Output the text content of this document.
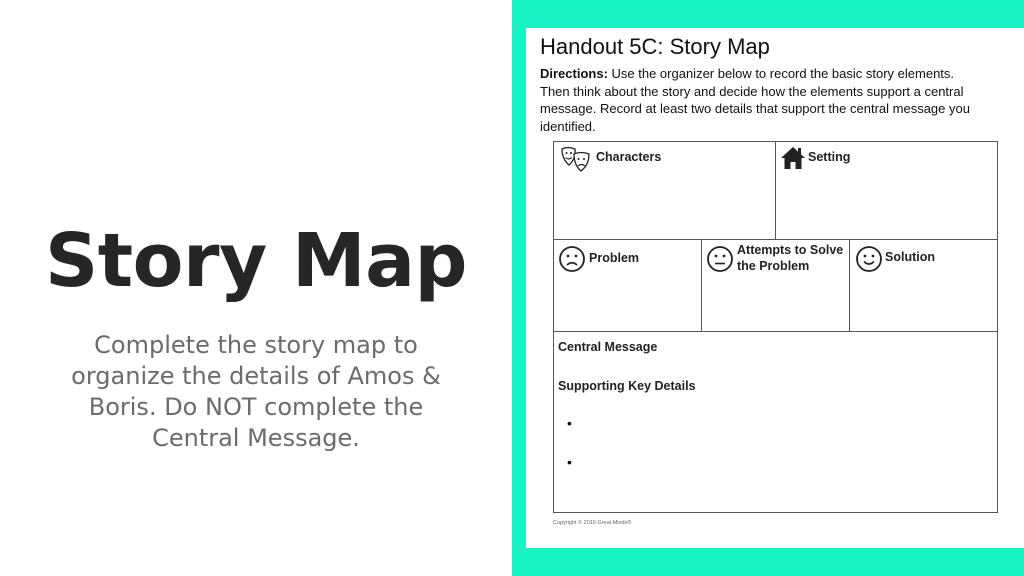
Story Map
Complete the story map to organize the details of Amos & Boris. Do NOT complete the Central Message.
Handout 5C: Story Map
Directions: Use the organizer below to record the basic story elements. Then think about the story and decide how the elements support a central message. Record at least two details that support the central message you identified.
Characters	Setting
Problem
Attempts to Solve the Problem
Solution
Central Message
Supporting Key Details
•
•
Copyright © 2016 Great Minds®
